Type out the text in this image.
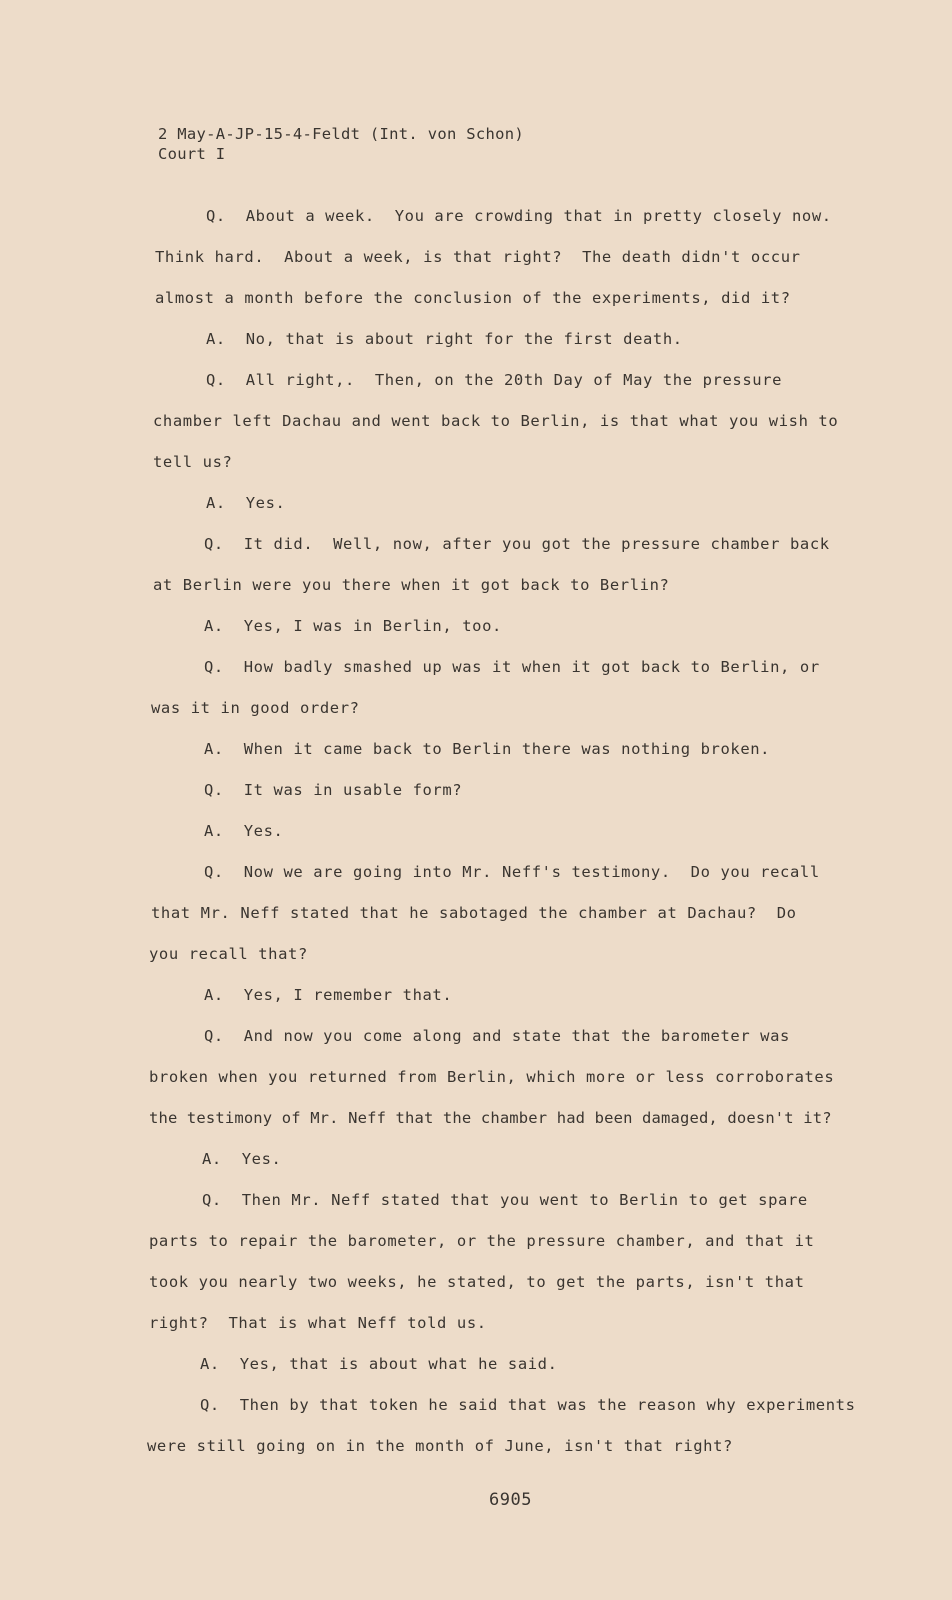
2 May-A-JP-15-4-Feldt (Int. von Schon)
Court I
Q.  About a week.  You are crowding that in pretty closely now.
Think hard.  About a week, is that right?  The death didn't occur
almost a month before the conclusion of the experiments, did it?
A.  No, that is about right for the first death.
Q.  All right,.  Then, on the 20th Day of May the pressure
chamber left Dachau and went back to Berlin, is that what you wish to
tell us?
A.  Yes.
Q.  It did.  Well, now, after you got the pressure chamber back
at Berlin were you there when it got back to Berlin?
A.  Yes, I was in Berlin, too.
Q.  How badly smashed up was it when it got back to Berlin, or
was it in good order?
A.  When it came back to Berlin there was nothing broken.
Q.  It was in usable form?
A.  Yes.
Q.  Now we are going into Mr. Neff's testimony.  Do you recall
that Mr. Neff stated that he sabotaged the chamber at Dachau?  Do
you recall that?
A.  Yes, I remember that.
Q.  And now you come along and state that the barometer was
broken when you returned from Berlin, which more or less corroborates
the testimony of Mr. Neff that the chamber had been damaged, doesn't it?
A.  Yes.
Q.  Then Mr. Neff stated that you went to Berlin to get spare
parts to repair the barometer, or the pressure chamber, and that it
took you nearly two weeks, he stated, to get the parts, isn't that
right?  That is what Neff told us.
A.  Yes, that is about what he said.
Q.  Then by that token he said that was the reason why experiments
were still going on in the month of June, isn't that right?
6905
